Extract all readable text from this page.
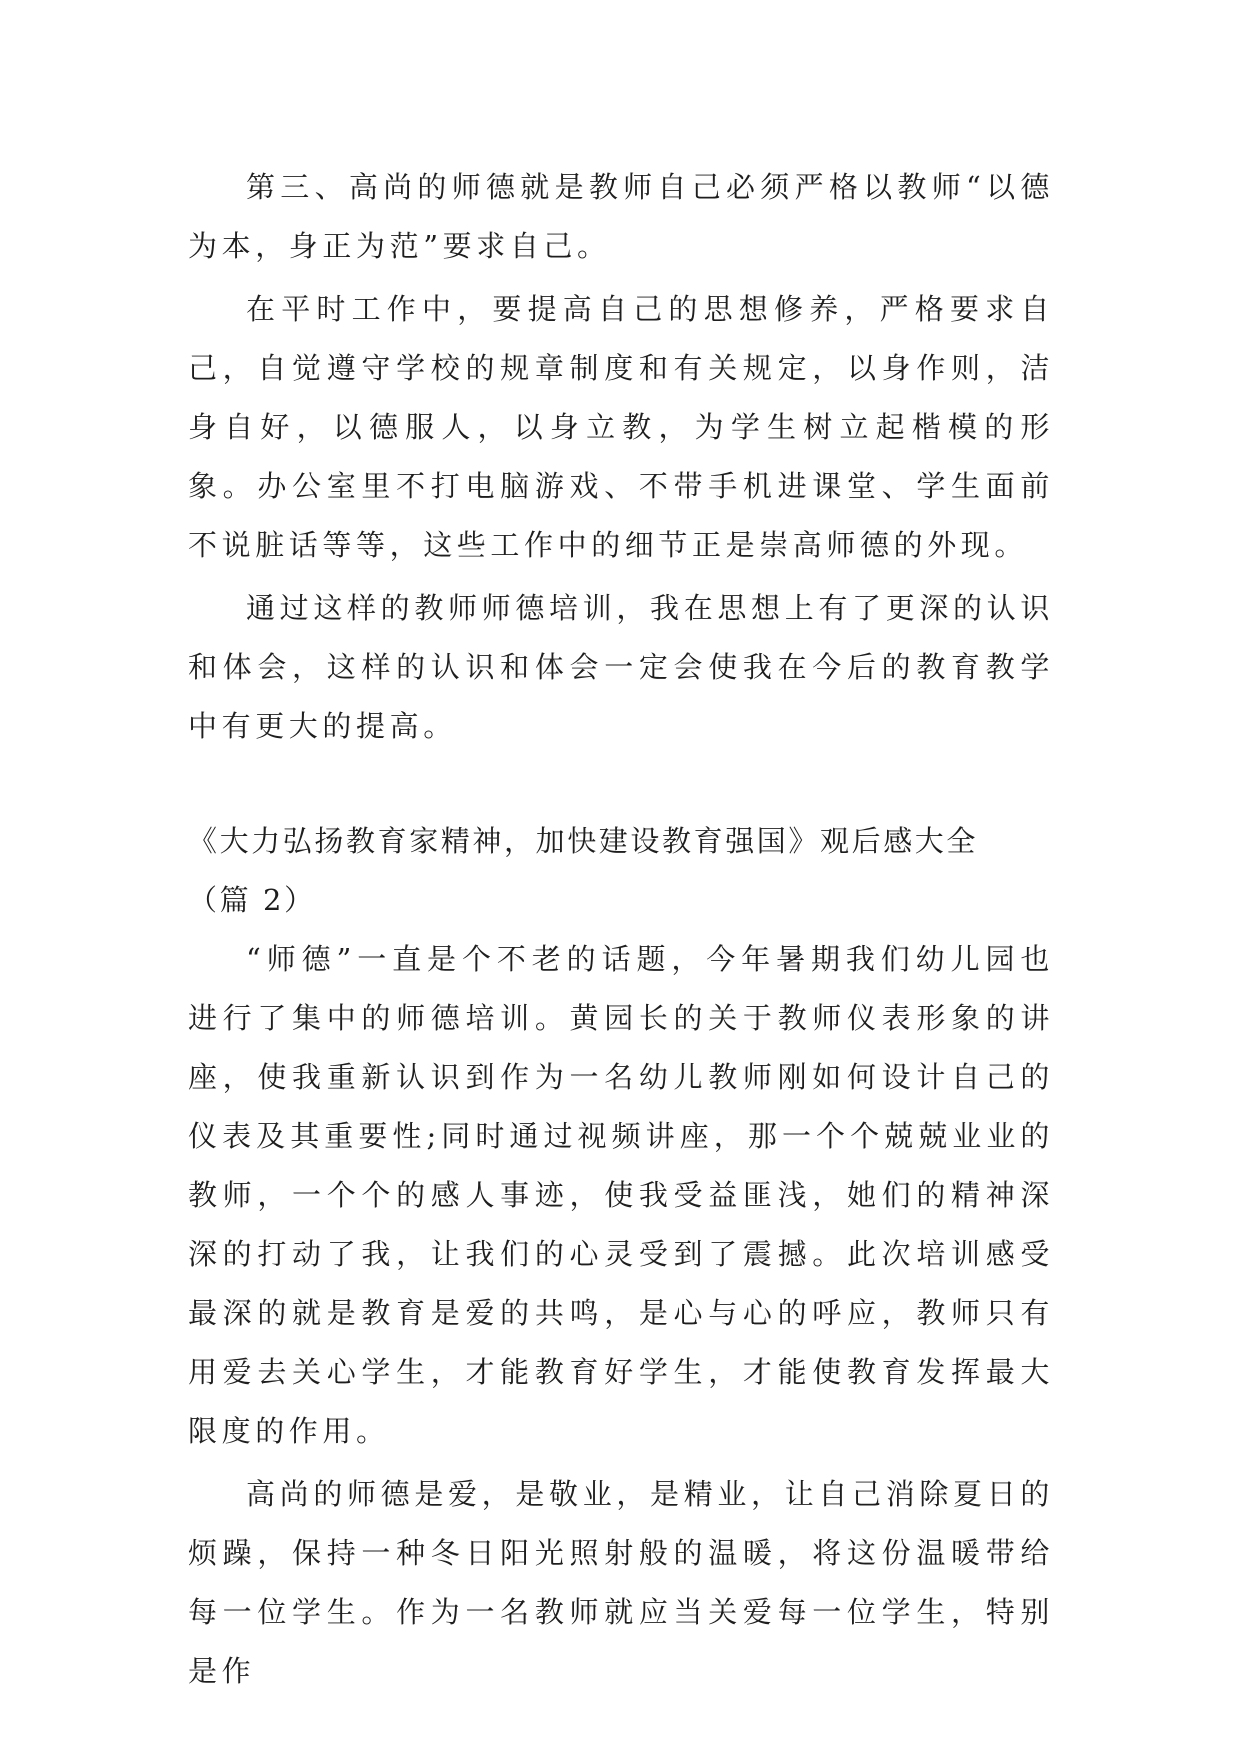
第三、高尚的师德就是教师自己必须严格以教师“以德为本，身正为范”要求自己。

在平时工作中，要提高自己的思想修养，严格要求自己，自觉遵守学校的规章制度和有关规定，以身作则，洁身自好，以德服人，以身立教，为学生树立起楷模的形象。办公室里不打电脑游戏、不带手机进课堂、学生面前不说脏话等等，这些工作中的细节正是崇高师德的外现。

通过这样的教师师德培训，我在思想上有了更深的认识和体会，这样的认识和体会一定会使我在今后的教育教学中有更大的提高。

《大力弘扬教育家精神，加快建设教育强国》观后感大全
（篇 2）

“师德”一直是个不老的话题，今年暑期我们幼儿园也进行了集中的师德培训。黄园长的关于教师仪表形象的讲座，使我重新认识到作为一名幼儿教师刚如何设计自己的仪表及其重要性;同时通过视频讲座，那一个个兢兢业业的教师，一个个的感人事迹，使我受益匪浅，她们的精神深深的打动了我，让我们的心灵受到了震撼。此次培训感受最深的就是教育是爱的共鸣，是心与心的呼应，教师只有用爱去关心学生，才能教育好学生，才能使教育发挥最大限度的作用。

高尚的师德是爱，是敬业，是精业，让自己消除夏日的烦躁，保持一种冬日阳光照射般的温暖，将这份温暖带给每一位学生。作为一名教师就应当关爱每一位学生，特别是作
